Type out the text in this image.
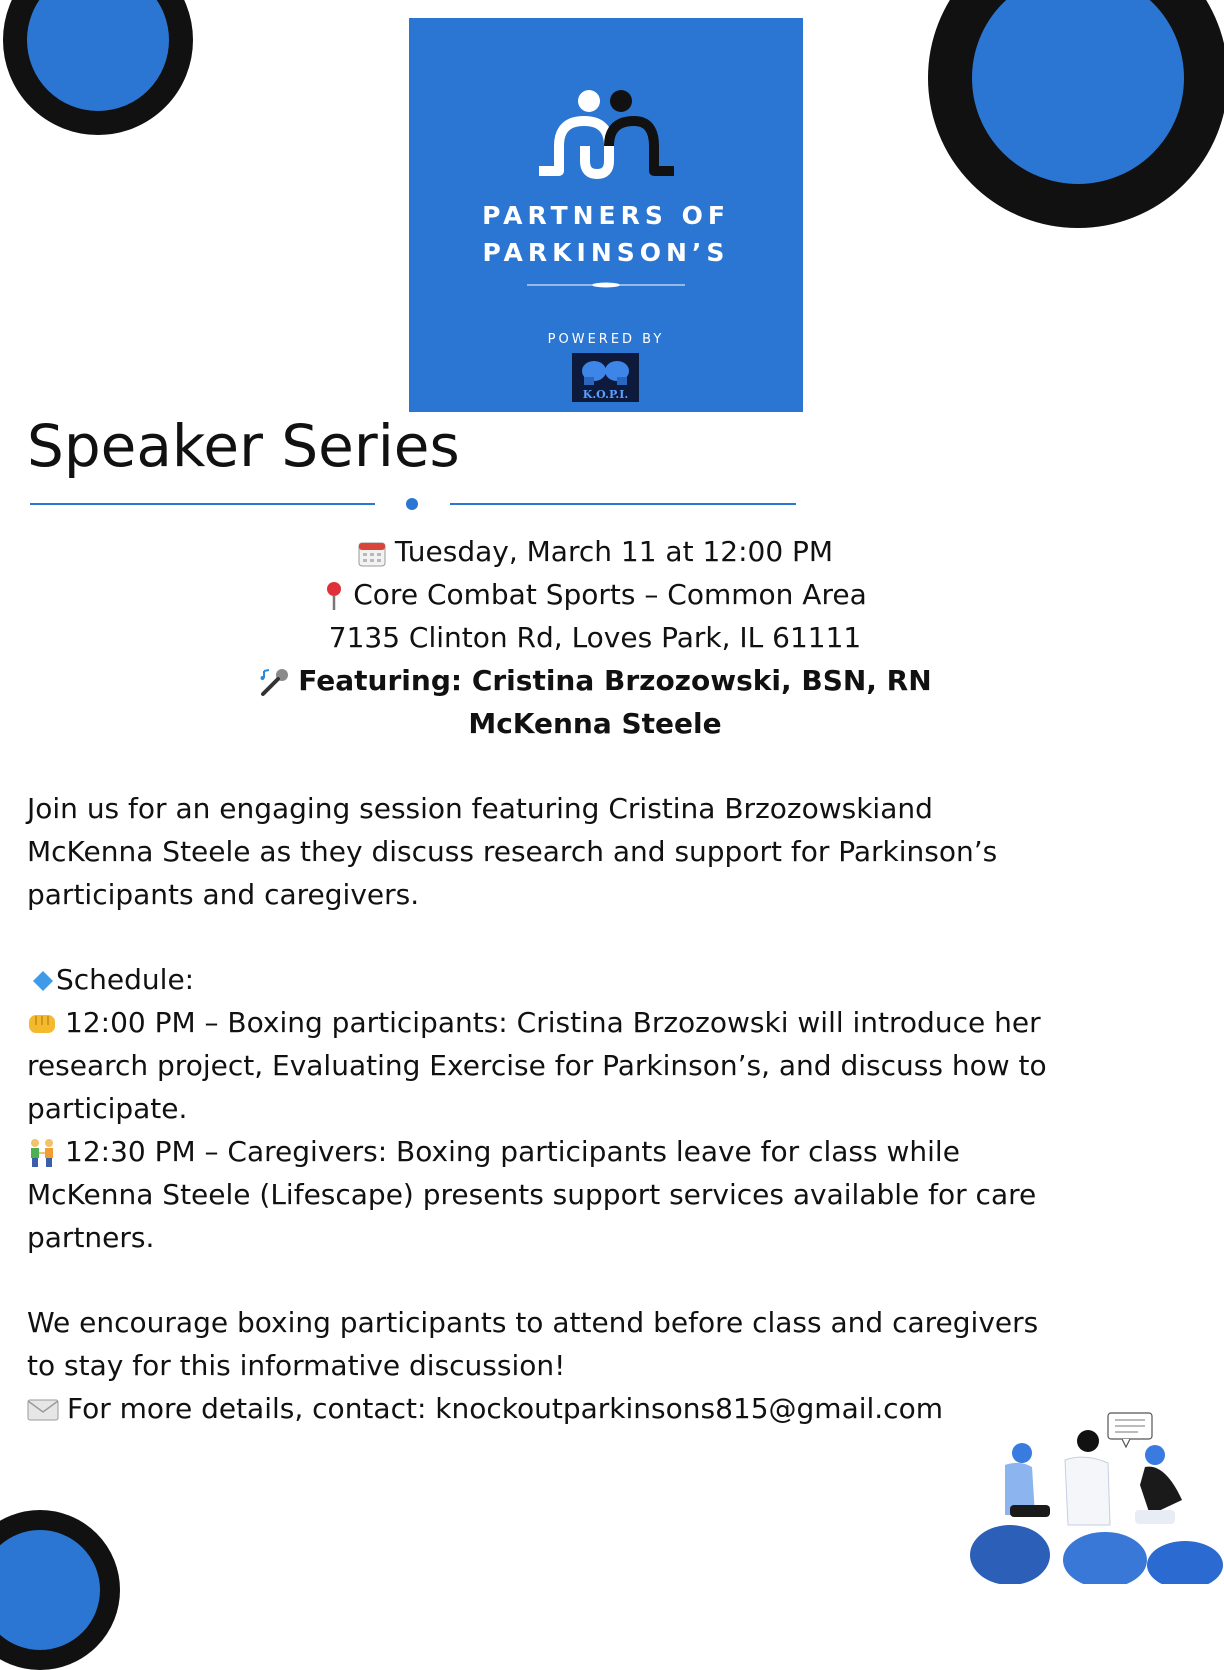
PARTNERS OF
PARKINSON’S
POWERED BY
K.O.P.I.
Speaker Series
Tuesday, March 11 at 12:00 PM
Core Combat Sports – Common Area
7135 Clinton Rd, Loves Park, IL 61111
Featuring: Cristina Brzozowski, BSN, RN
McKenna Steele
Join us for an engaging session featuring Cristina Brzozowskiand
McKenna Steele as they discuss research and support for Parkinson’s
participants and caregivers.
Schedule:
12:00 PM – Boxing participants: Cristina Brzozowski will introduce her
research project, Evaluating Exercise for Parkinson’s, and discuss how to
participate.
12:30 PM – Caregivers: Boxing participants leave for class while
McKenna Steele (Lifescape) presents support services available for care
partners.
We encourage boxing participants to attend before class and caregivers
to stay for this informative discussion!
For more details, contact: knockoutparkinsons815@gmail.com
